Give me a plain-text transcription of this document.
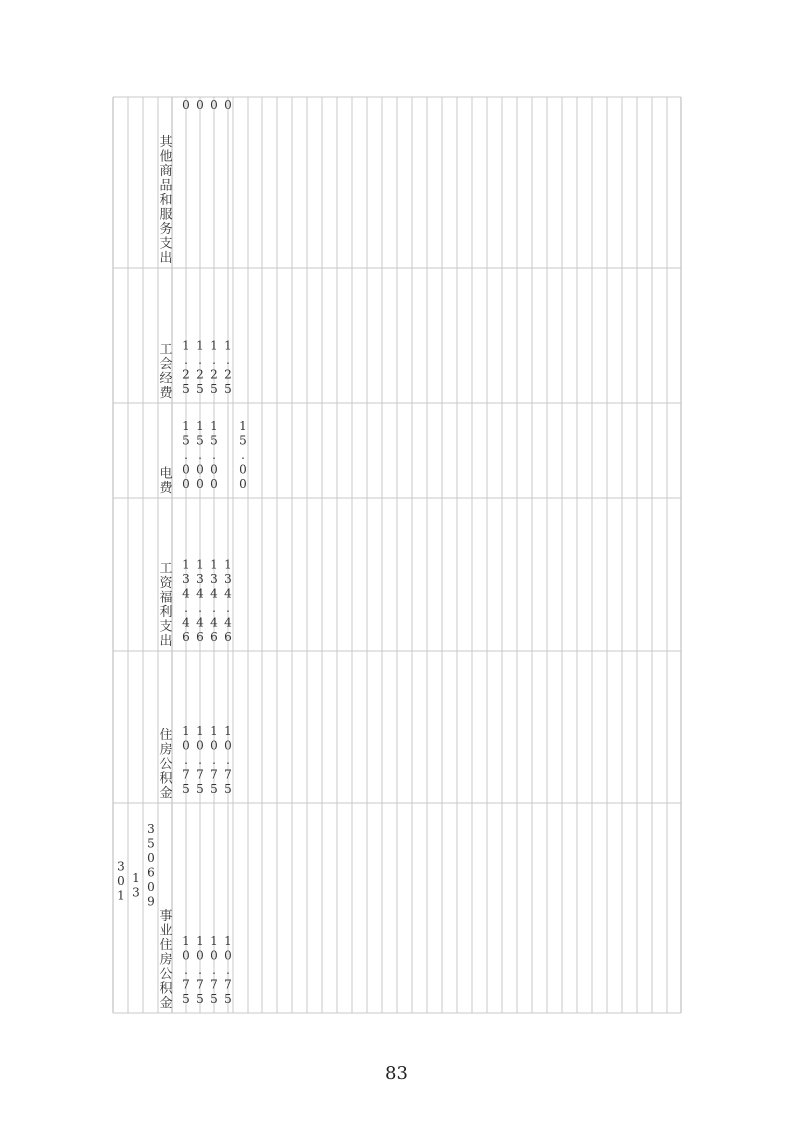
其他商品和服务支出
0 0 0 0
工会经费
1 . 2 5
1 . 2 5
1 . 2 5
1 . 2 5
电费
1 5 . 0 0
1 5 . 0 0
1 5 . 0 0
1 5 . 0 0
工资福利支出
1 3 4 . 4 6
1 3 4 . 4 6
1 3 4 . 4 6
1 3 4 . 4 6
住房公积金
1 0 . 7 5
1 0 . 7 5
1 0 . 7 5
1 0 . 7 5
事业住房公积金
1 0 . 7 5
1 0 . 7 5
1 0 . 7 5
1 0 . 7 5
3 0 1
1 3
3 5 0 6 0 9
83
